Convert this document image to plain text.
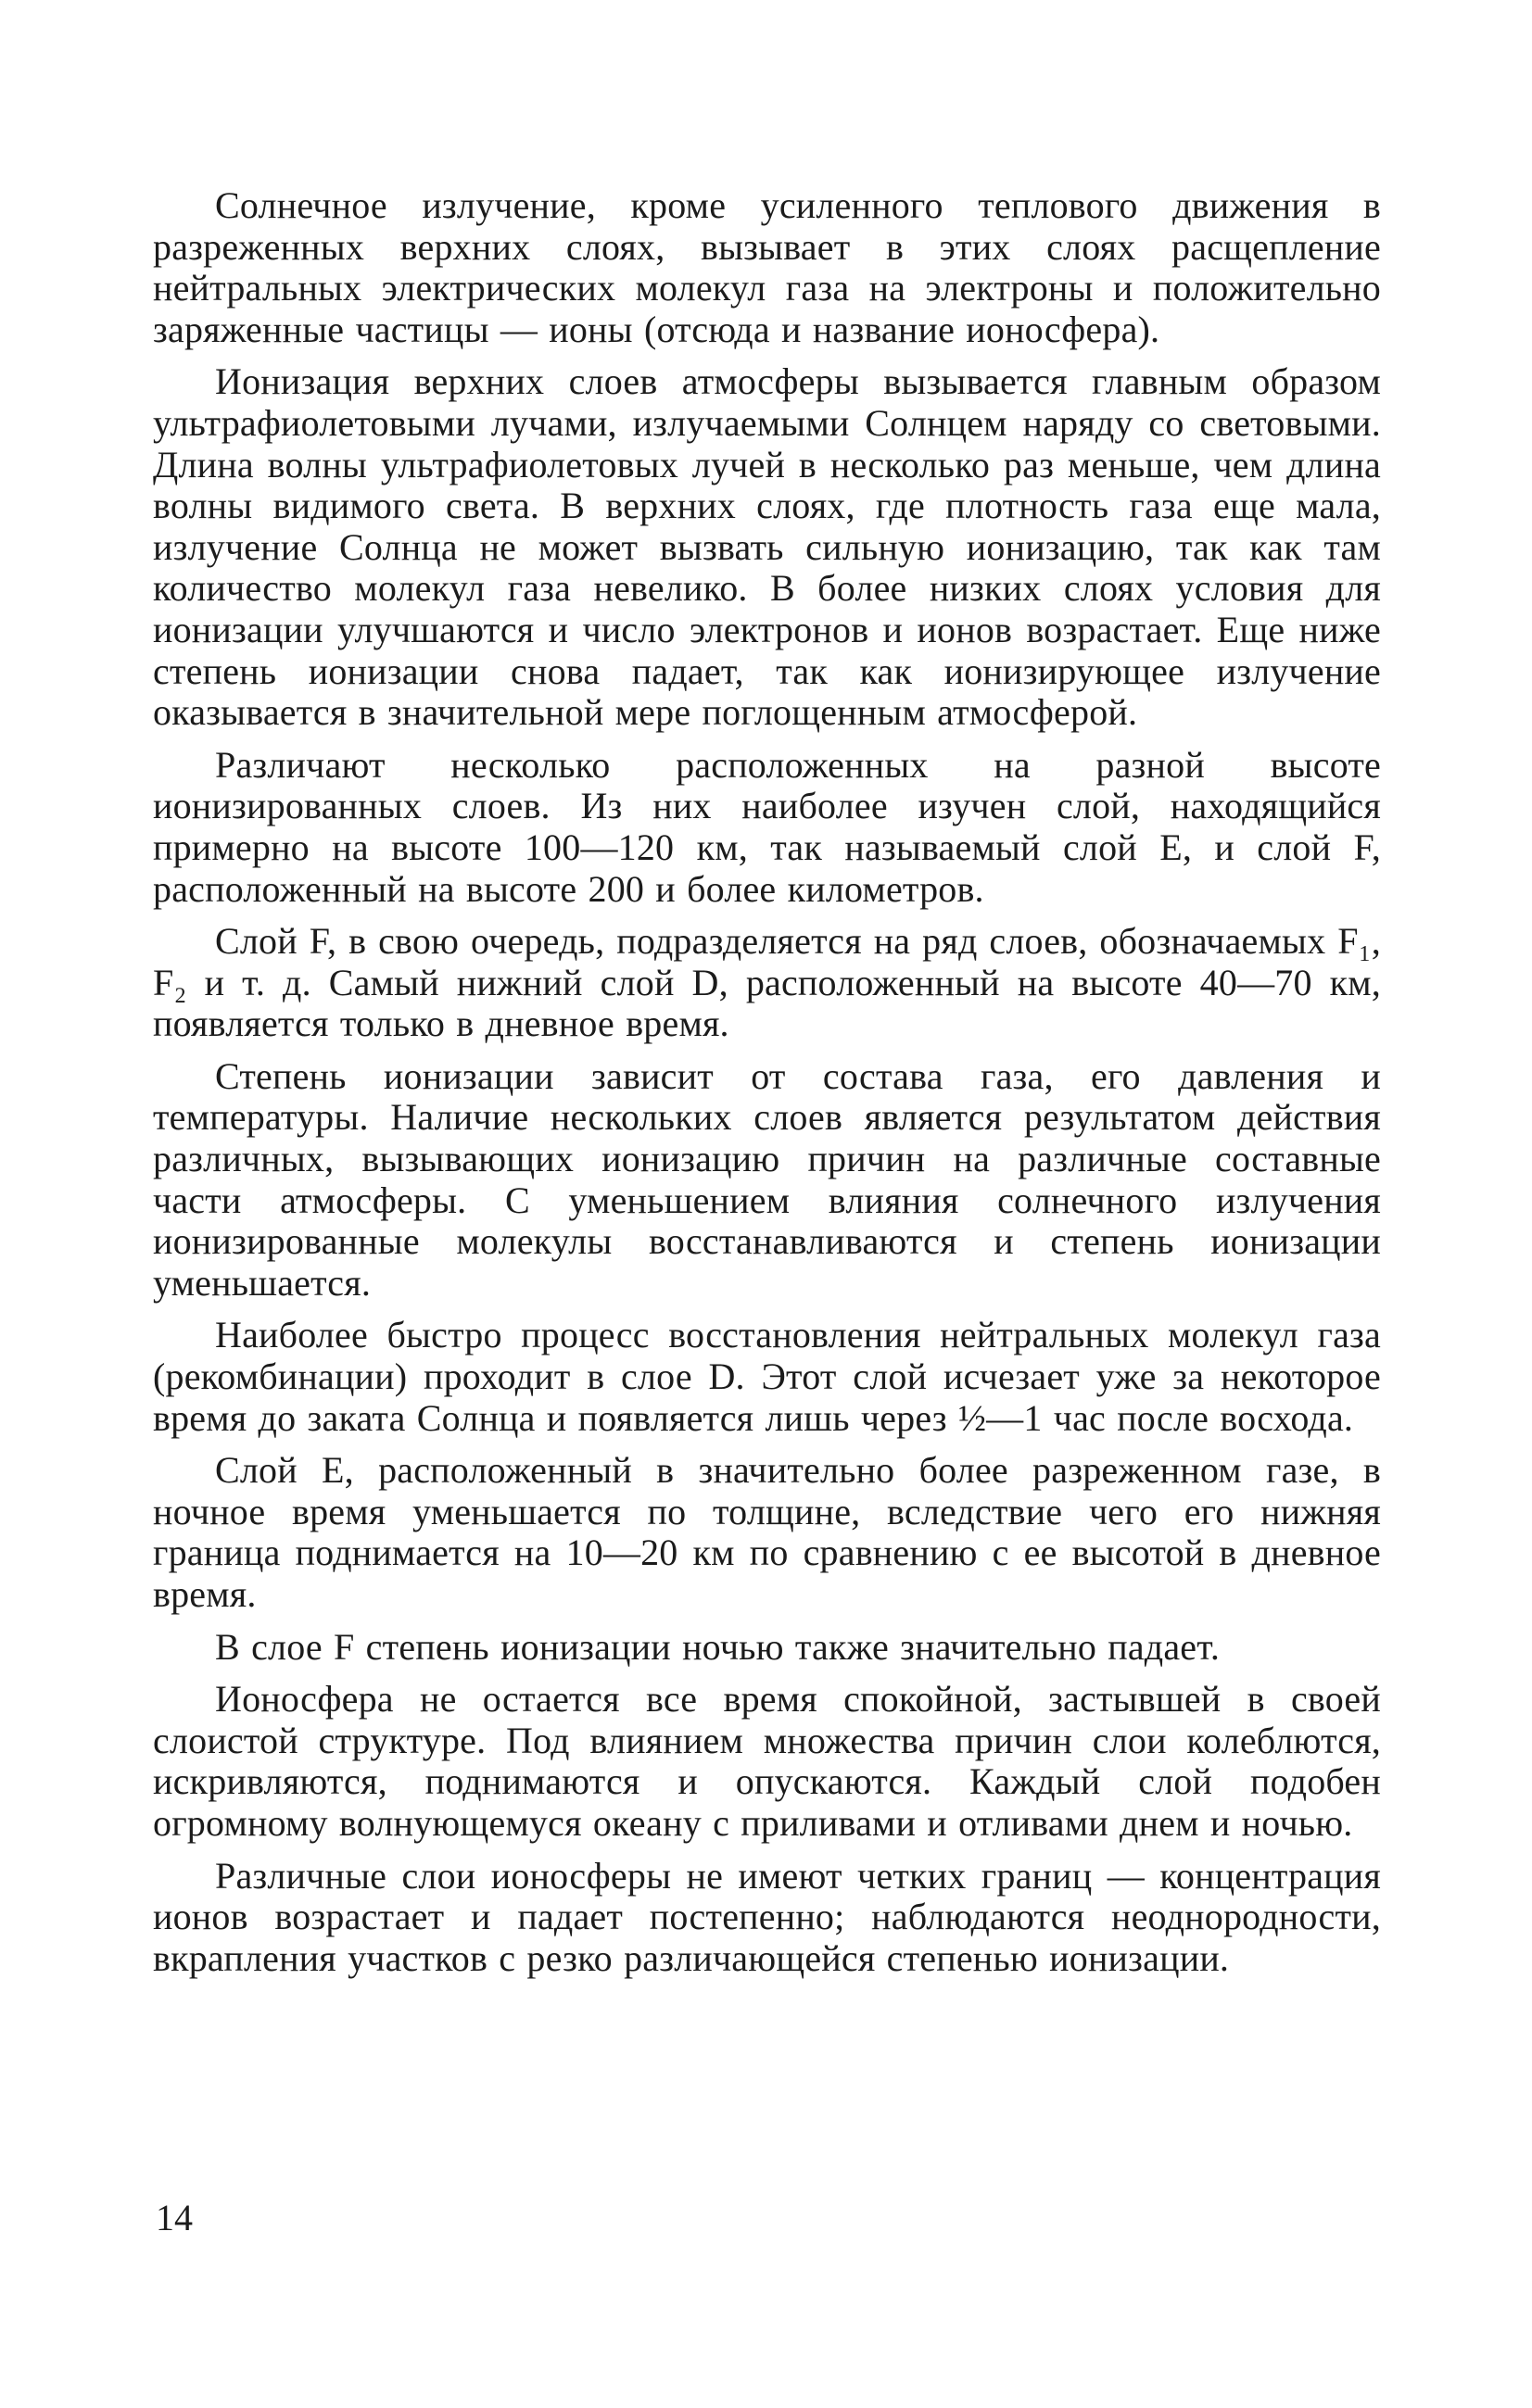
Солнечное излучение, кроме усиленного теплового движения в разреженных верхних слоях, вызывает в этих слоях расщепление нейтральных электрических молекул газа на электроны и положительно заряженные частицы — ионы (отсюда и название ионосфера).

Ионизация верхних слоев атмосферы вызывается главным образом ультрафиолетовыми лучами, излучаемыми Солнцем наряду со световыми. Длина волны ультрафиолетовых лучей в несколько раз меньше, чем длина волны видимого света. В верхних слоях, где плотность газа еще мала, излучение Солнца не может вызвать сильную ионизацию, так как там количество молекул газа невелико. В более низких слоях условия для ионизации улучшаются и число электронов и ионов возрастает. Еще ниже степень ионизации снова падает, так как ионизирующее излучение оказывается в значительной мере поглощенным атмосферой.

Различают несколько расположенных на разной высоте ионизированных слоев. Из них наиболее изучен слой, находящийся примерно на высоте 100—120 км, так называемый слой E, и слой F, расположенный на высоте 200 и более километров.

Слой F, в свою очередь, подразделяется на ряд слоев, обозначаемых F₁, F₂ и т. д. Самый нижний слой D, расположенный на высоте 40—70 км, появляется только в дневное время.

Степень ионизации зависит от состава газа, его давления и температуры. Наличие нескольких слоев является результатом действия различных, вызывающих ионизацию причин на различные составные части атмосферы. С уменьшением влияния солнечного излучения ионизированные молекулы восстанавливаются и степень ионизации уменьшается.

Наиболее быстро процесс восстановления нейтральных молекул газа (рекомбинации) проходит в слое D. Этот слой исчезает уже за некоторое время до заката Солнца и появляется лишь через ½—1 час после восхода.

Слой E, расположенный в значительно более разреженном газе, в ночное время уменьшается по толщине, вследствие чего его нижняя граница поднимается на 10—20 км по сравнению с ее высотой в дневное время.

В слое F степень ионизации ночью также значительно падает.

Ионосфера не остается все время спокойной, застывшей в своей слоистой структуре. Под влиянием множества причин слои колеблются, искривляются, поднимаются и опускаются. Каждый слой подобен огромному волнующемуся океану с приливами и отливами днем и ночью.

Различные слои ионосферы не имеют четких границ — концентрация ионов возрастает и падает постепенно; наблюдаются неоднородности, вкрапления участков с резко различающейся степенью ионизации.

14
